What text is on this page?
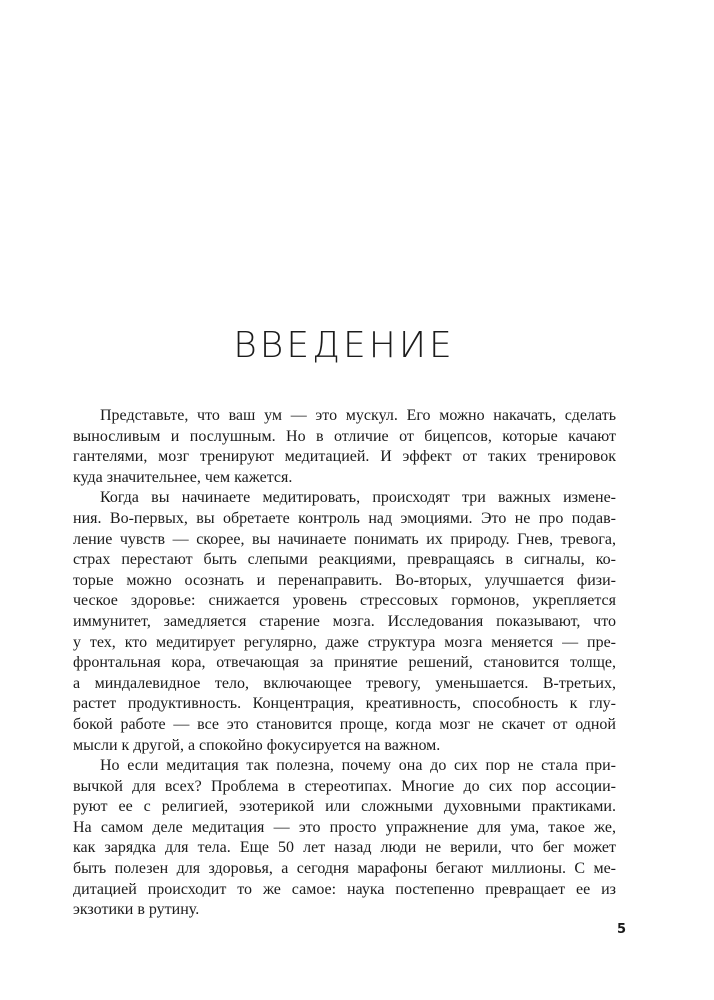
ВВЕДЕНИЕ
Представьте, что ваш ум — это мускул. Его можно накачать, сделать
выносливым и послушным. Но в отличие от бицепсов, которые качают
гантелями, мозг тренируют медитацией. И эффект от таких тренировок
куда значительнее, чем кажется.
Когда вы начинаете медитировать, происходят три важных измене-
ния. Во-первых, вы обретаете контроль над эмоциями. Это не про подав-
ление чувств — скорее, вы начинаете понимать их природу. Гнев, тревога,
страх перестают быть слепыми реакциями, превращаясь в сигналы, ко-
торые можно осознать и перенаправить. Во-вторых, улучшается физи-
ческое здоровье: снижается уровень стрессовых гормонов, укрепляется
иммунитет, замедляется старение мозга. Исследования показывают, что
у тех, кто медитирует регулярно, даже структура мозга меняется — пре-
фронтальная кора, отвечающая за принятие решений, становится толще,
а миндалевидное тело, включающее тревогу, уменьшается. В-третьих,
растет продуктивность. Концентрация, креативность, способность к глу-
бокой работе — все это становится проще, когда мозг не скачет от одной
мысли к другой, а спокойно фокусируется на важном.
Но если медитация так полезна, почему она до сих пор не стала при-
вычкой для всех? Проблема в стереотипах. Многие до сих пор ассоции-
руют ее с религией, эзотерикой или сложными духовными практиками.
На самом деле медитация — это просто упражнение для ума, такое же,
как зарядка для тела. Еще 50 лет назад люди не верили, что бег может
быть полезен для здоровья, а сегодня марафоны бегают миллионы. С ме-
дитацией происходит то же самое: наука постепенно превращает ее из
экзотики в рутину.
5
